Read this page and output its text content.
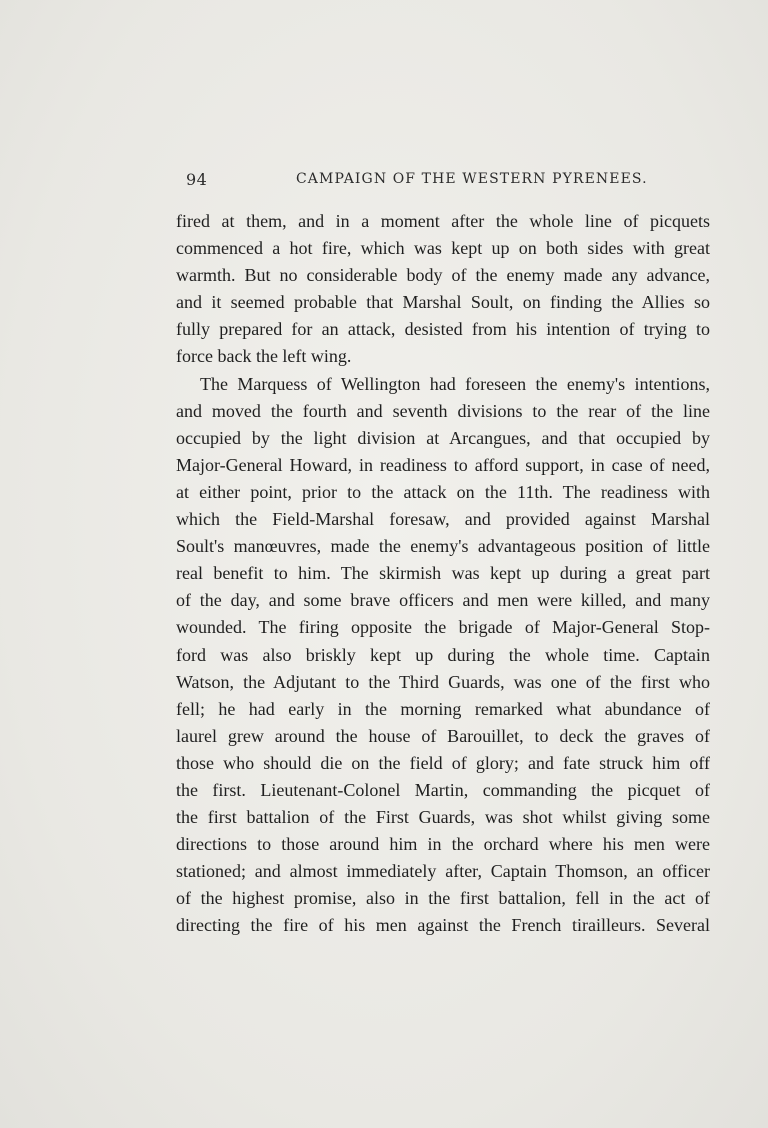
94	CAMPAIGN OF THE WESTERN PYRENEES.
fired at them, and in a moment after the whole line of picquets
commenced a hot fire, which was kept up on both sides with great
warmth. But no considerable body of the enemy made any advance,
and it seemed probable that Marshal Soult, on finding the Allies so
fully prepared for an attack, desisted from his intention of trying to
force back the left wing.
The Marquess of Wellington had foreseen the enemy's intentions,
and moved the fourth and seventh divisions to the rear of the line
occupied by the light division at Arcangues, and that occupied by
Major-General Howard, in readiness to afford support, in case of need,
at either point, prior to the attack on the 11th. The readiness with
which the Field-Marshal foresaw, and provided against Marshal
Soult's manœuvres, made the enemy's advantageous position of little
real benefit to him. The skirmish was kept up during a great part
of the day, and some brave officers and men were killed, and many
wounded. The firing opposite the brigade of Major-General Stop-
ford was also briskly kept up during the whole time. Captain
Watson, the Adjutant to the Third Guards, was one of the first who
fell; he had early in the morning remarked what abundance of
laurel grew around the house of Barouillet, to deck the graves of
those who should die on the field of glory; and fate struck him off
the first. Lieutenant-Colonel Martin, commanding the picquet of
the first battalion of the First Guards, was shot whilst giving some
directions to those around him in the orchard where his men were
stationed; and almost immediately after, Captain Thomson, an officer
of the highest promise, also in the first battalion, fell in the act of
directing the fire of his men against the French tirailleurs. Several
